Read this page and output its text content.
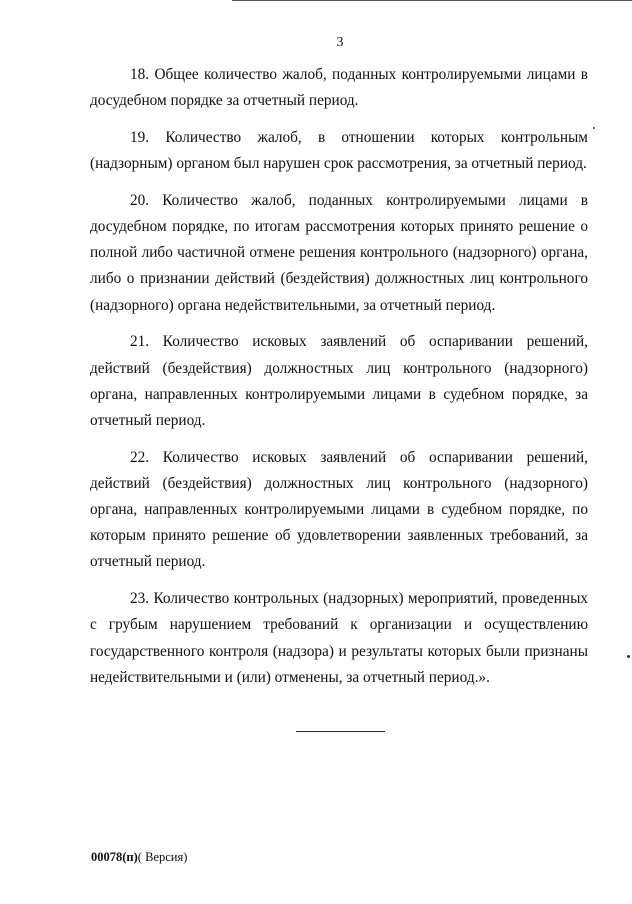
3

18. Общее количество жалоб, поданных контролируемыми лицами в досудебном порядке за отчетный период.

19. Количество жалоб, в отношении которых контрольным (надзорным) органом был нарушен срок рассмотрения, за отчетный период.

20. Количество жалоб, поданных контролируемыми лицами в досудебном порядке, по итогам рассмотрения которых принято решение о полной либо частичной отмене решения контрольного (надзорного) органа, либо о признании действий (бездействия) должностных лиц контрольного (надзорного) органа недействительными, за отчетный период.

21. Количество исковых заявлений об оспаривании решений, действий (бездействия) должностных лиц контрольного (надзорного) органа, направленных контролируемыми лицами в судебном порядке, за отчетный период.

22. Количество исковых заявлений об оспаривании решений, действий (бездействия) должностных лиц контрольного (надзорного) органа, направленных контролируемыми лицами в судебном порядке, по которым принято решение об удовлетворении заявленных требований, за отчетный период.

23. Количество контрольных (надзорных) мероприятий, проведенных с грубым нарушением требований к организации и осуществлению государственного контроля (надзора) и результаты которых были признаны недействительными и (или) отменены, за отчетный период.».

00078(п)( Версия)
